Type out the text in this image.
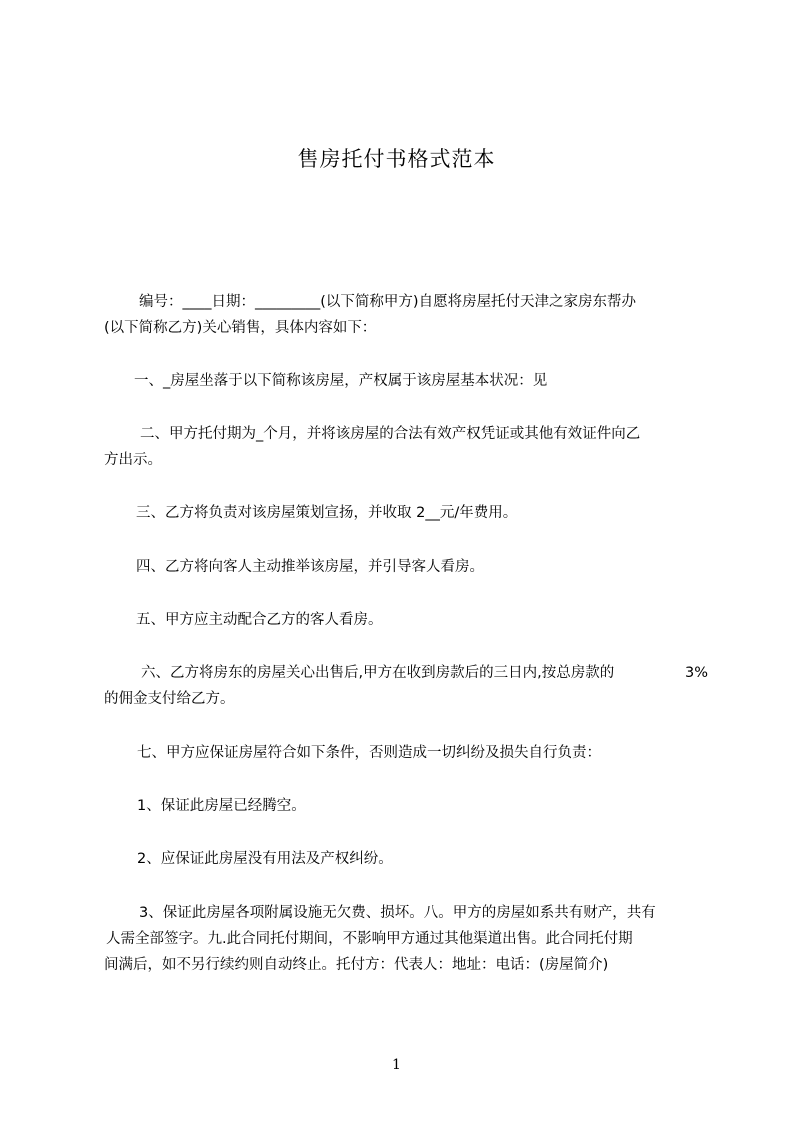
售房托付书格式范本
编号：____日期：_________(以下简称甲方)自愿将房屋托付天津之家房东帮办
(以下简称乙方)关心销售，具体内容如下：
一、_房屋坐落于以下简称该房屋，产权属于该房屋基本状况：见
二、甲方托付期为_个月，并将该房屋的合法有效产权凭证或其他有效证件向乙
方出示。
三、乙方将负责对该房屋策划宣扬，并收取 2__元/年费用。
四、乙方将向客人主动推举该房屋，并引导客人看房。
五、甲方应主动配合乙方的客人看房。
六、乙方将房东的房屋关心出售后,甲方在收到房款后的三日内,按总房款的	3%
的佣金支付给乙方。
七、甲方应保证房屋符合如下条件，否则造成一切纠纷及损失自行负责：
1、保证此房屋已经腾空。
2、应保证此房屋没有用法及产权纠纷。
3、保证此房屋各项附属设施无欠费、损坏。八。甲方的房屋如系共有财产，共有
人需全部签字。九.此合同托付期间，不影响甲方通过其他渠道出售。此合同托付期
间满后，如不另行续约则自动终止。托付方：代表人：地址：电话：(房屋简介)
1
